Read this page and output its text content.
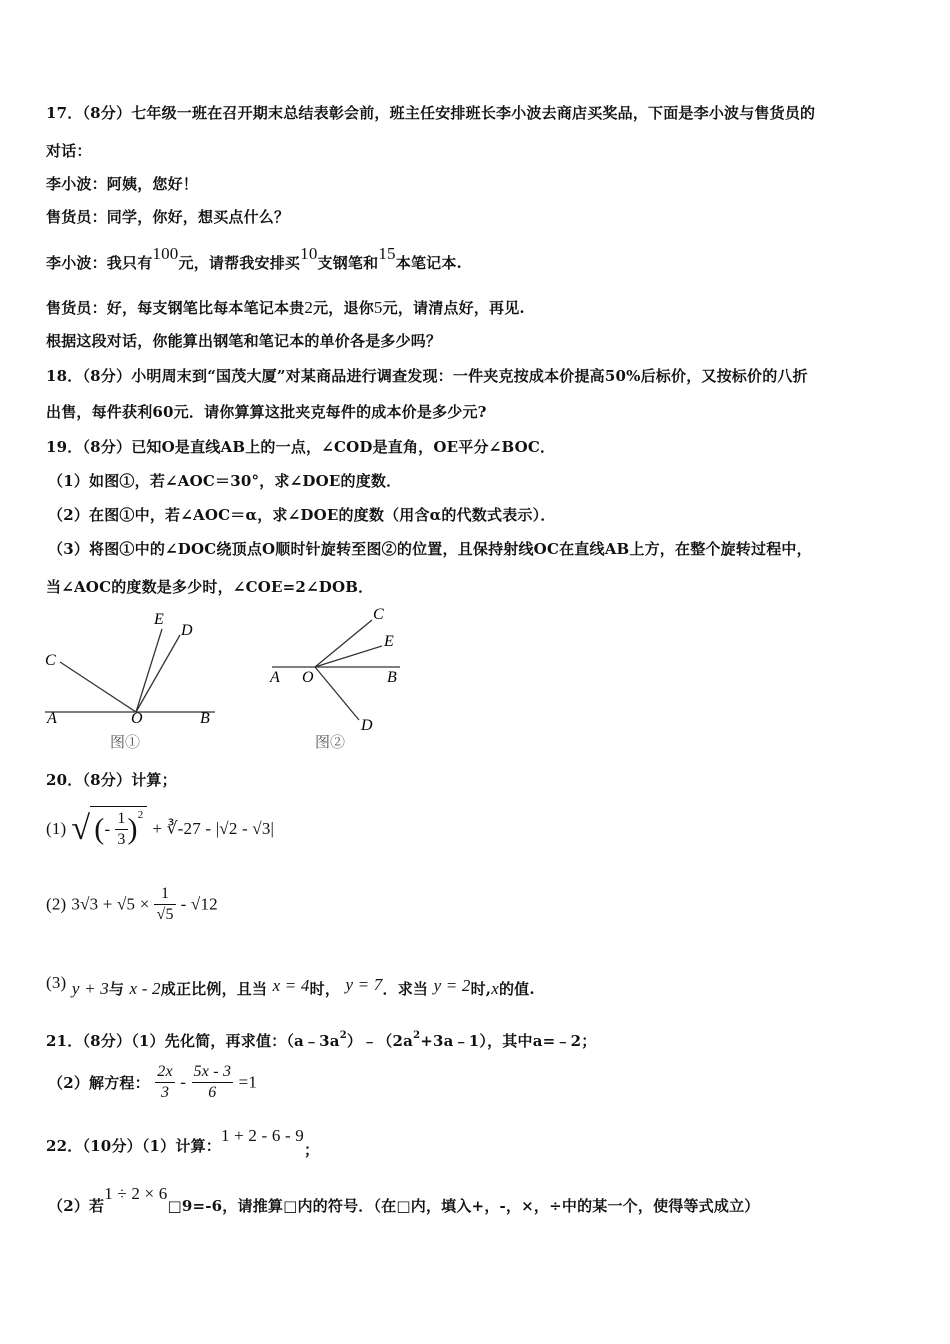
17．（8分）七年级一班在召开期末总结表彰会前，班主任安排班长李小波去商店买奖品，下面是李小波与售货员的
对话：
李小波：阿姨，您好！
售货员：同学，你好，想买点什么？
李小波：我只有100元，请帮我安排买10支钢笔和15本笔记本.
售货员：好，每支钢笔比每本笔记本贵2元，退你5元，请清点好，再见.
根据这段对话，你能算出钢笔和笔记本的单价各是多少吗？
18．（8分）小明周末到“国茂大厦”对某商品进行调查发现：一件夹克按成本价提高50%后标价，又按标价的八折
出售，每件获利60元．请你算算这批夹克每件的成本价是多少元?
19．（8分）已知O是直线AB上的一点，∠COD是直角，OE平分∠BOC．
（1）如图①，若∠AOC＝30°，求∠DOE的度数．
（2）在图①中，若∠AOC＝α，求∠DOE的度数（用含α的代数式表示）．
（3）将图①中的∠DOC绕顶点O顺时针旋转至图②的位置，且保持射线OC在直线AB上方，在整个旋转过程中，
当∠AOC的度数是多少时，∠COE=2∠DOB．
E
D
C
A	O	B
图①
C
E
A O	B
D
图②
20．（8分）计算；
(1) √ (- $\frac{1}{3} )^2$ + ∛-27 - |√2 - √3|
(2) $3√3 + √5 \times \frac{1}{√5} - √12$
(3) y + 3与 x - 2成正比例，且当 x = 4时， y = 7．求当 y = 2时,x的值.
21．（8分）（1）先化简，再求值：$(a﹣3a^2)﹣(2a^2+3a﹣1)$，其中a=﹣2；
（2）解方程： $\frac{2x}{3} - \frac{5x - 3}{6} =1$
22．（10分）（1）计算：1 + 2 - 6 - 9；
（2）若1 ÷ 2 × 6□9=-6，请推算□内的符号．（在□内，填入+，-，×，÷中的某一个，使得等式成立）
